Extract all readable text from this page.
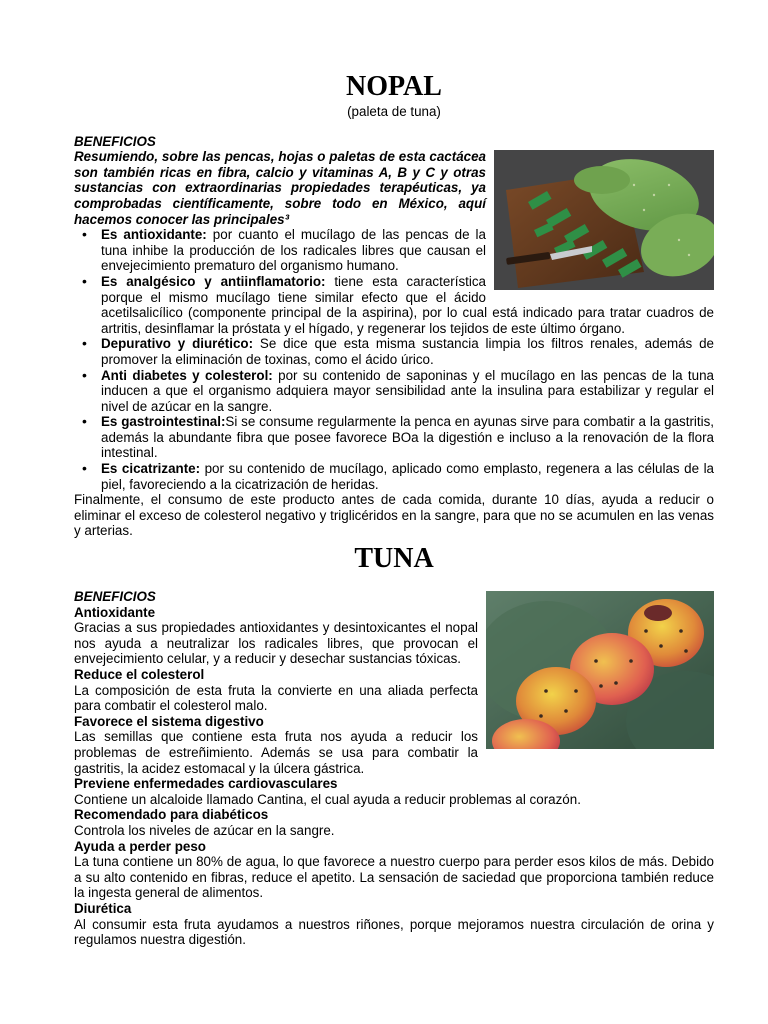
NOPAL
(paleta de tuna)
BENEFICIOS
Resumiendo, sobre las pencas, hojas o paletas de esta cactácea son también ricas en fibra, calcio y vitaminas A, B y C y otras sustancias con extraordinarias propiedades terapéuticas, ya comprobadas científicamente, sobre todo en México, aquí hacemos conocer las principales³
• Es antioxidante: por cuanto el mucílago de las pencas de la tuna inhibe la producción de los radicales libres que causan el envejecimiento prematuro del organismo humano.
• Es analgésico y antiinflamatorio: tiene esta característica porque el mismo mucílago tiene similar efecto que el ácido acetilsalicílico (componente principal de la aspirina), por lo cual está indicado para tratar cuadros de artritis, desinflamar la próstata y el hígado, y regenerar los tejidos de este último órgano.
• Depurativo y diurético: Se dice que esta misma sustancia limpia los filtros renales, además de promover la eliminación de toxinas, como el ácido úrico.
• Anti diabetes y colesterol: por su contenido de saponinas y el mucílago en las pencas de la tuna inducen a que el organismo adquiera mayor sensibilidad ante la insulina para estabilizar y regular el nivel de azúcar en la sangre.
• Es gastrointestinal:Si se consume regularmente la penca en ayunas sirve para combatir a la gastritis, además la abundante fibra que posee favorece BOa la digestión e incluso a la renovación de la flora intestinal.
• Es cicatrizante: por su contenido de mucílago, aplicado como emplasto, regenera a las células de la piel, favoreciendo a la cicatrización de heridas.

Finalmente, el consumo de este producto antes de cada comida, durante 10 días, ayuda a reducir o eliminar el exceso de colesterol negativo y triglicéridos en la sangre, para que no se acumulen en las venas y arterias.

TUNA
BENEFICIOS
Antioxidante

Gracias a sus propiedades antioxidantes y desintoxicantes el nopal nos ayuda a neutralizar los radicales libres, que provocan el envejecimiento celular, y a reducir y desechar sustancias tóxicas.

Reduce el colesterol

La composición de esta fruta la convierte en una aliada perfecta para combatir el colesterol malo.

Favorece el sistema digestivo

Las semillas que contiene esta fruta nos ayuda a reducir los problemas de estreñimiento. Además se usa para combatir la gastritis, la acidez estomacal y la úlcera gástrica.

Previene enfermedades cardiovasculares

Contiene un alcaloide llamado Cantina, el cual ayuda a reducir problemas al corazón.

Recomendado para diabéticos

Controla los niveles de azúcar en la sangre.

Ayuda a perder peso

La tuna contiene un 80% de agua, lo que favorece a nuestro cuerpo para perder esos kilos de más. Debido a su alto contenido en fibras, reduce el apetito. La sensación de saciedad que proporciona también reduce la ingesta general de alimentos.

Diurética

Al consumir esta fruta ayudamos a nuestros riñones, porque mejoramos nuestra circulación de orina y regulamos nuestra digestión.
